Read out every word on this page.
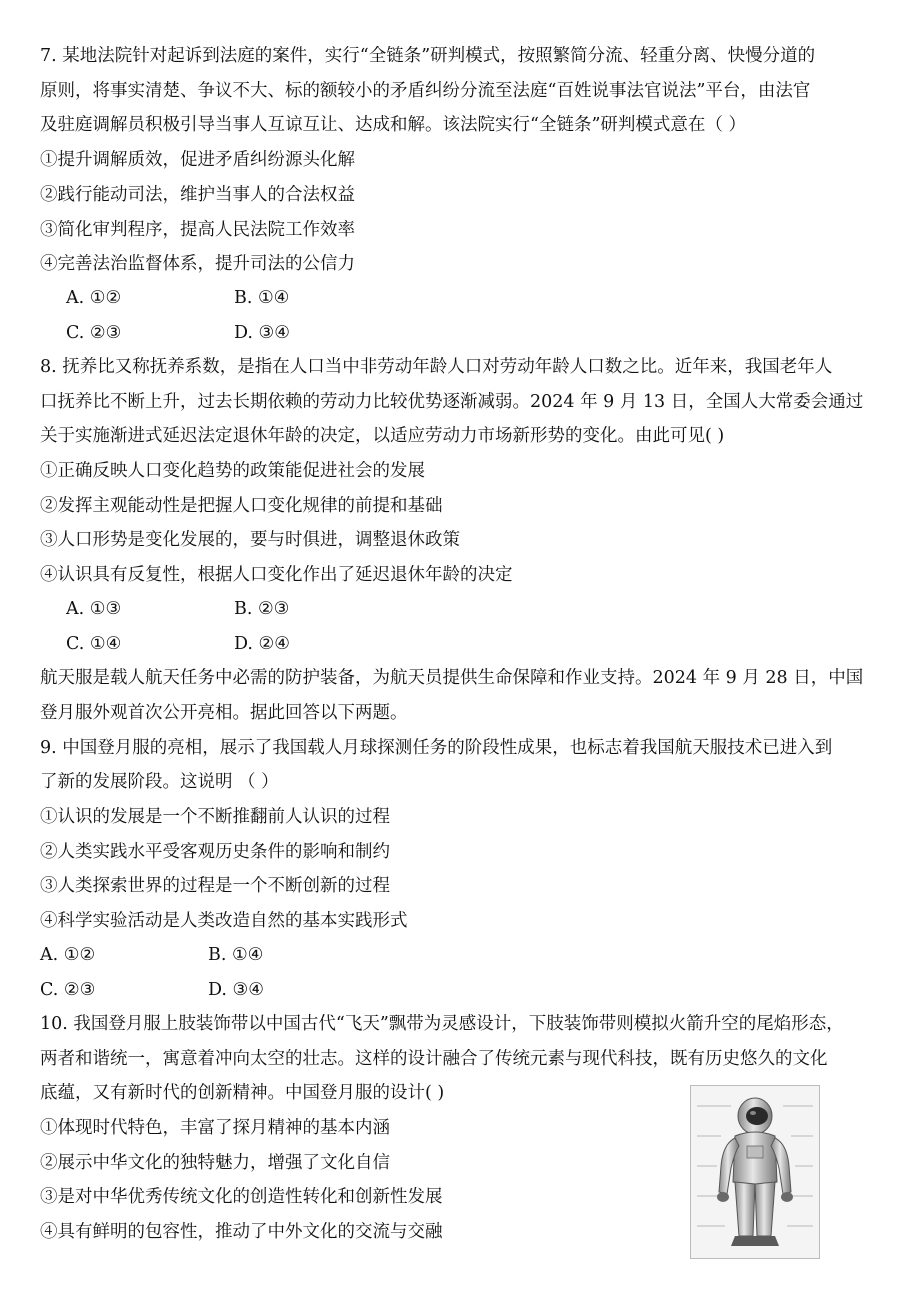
7. 某地法院针对起诉到法庭的案件，实行“全链条”研判模式，按照繁简分流、轻重分离、快慢分道的
原则，将事实清楚、争议不大、标的额较小的矛盾纠纷分流至法庭“百姓说事法官说法”平台，由法官
及驻庭调解员积极引导当事人互谅互让、达成和解。该法院实行“全链条”研判模式意在（ ）
①提升调解质效，促进矛盾纠纷源头化解
②践行能动司法，维护当事人的合法权益
③简化审判程序，提高人民法院工作效率
④完善法治监督体系，提升司法的公信力
A. ①②	B. ①④
C. ②③	D. ③④
8. 抚养比又称抚养系数，是指在人口当中非劳动年龄人口对劳动年龄人口数之比。近年来，我国老年人
口抚养比不断上升，过去长期依赖的劳动力比较优势逐渐减弱。2024 年 9 月 13 日，全国人大常委会通过
关于实施渐进式延迟法定退休年龄的决定，以适应劳动力市场新形势的变化。由此可见( )
①正确反映人口变化趋势的政策能促进社会的发展
②发挥主观能动性是把握人口变化规律的前提和基础
③人口形势是变化发展的，要与时俱进，调整退休政策
④认识具有反复性，根据人口变化作出了延迟退休年龄的决定
A. ①③	B. ②③
C. ①④	D. ②④
航天服是载人航天任务中必需的防护装备，为航天员提供生命保障和作业支持。2024 年 9 月 28 日，中国
登月服外观首次公开亮相。据此回答以下两题。
9. 中国登月服的亮相，展示了我国载人月球探测任务的阶段性成果，也标志着我国航天服技术已进入到
了新的发展阶段。这说明 （ ）
①认识的发展是一个不断推翻前人认识的过程
②人类实践水平受客观历史条件的影响和制约
③人类探索世界的过程是一个不断创新的过程
④科学实验活动是人类改造自然的基本实践形式
A. ①②	B. ①④
C. ②③	D. ③④
10. 我国登月服上肢装饰带以中国古代“飞天”飘带为灵感设计，下肢装饰带则模拟火箭升空的尾焰形态，
两者和谐统一，寓意着冲向太空的壮志。这样的设计融合了传统元素与现代科技，既有历史悠久的文化
底蕴，又有新时代的创新精神。中国登月服的设计( )
①体现时代特色，丰富了探月精神的基本内涵
②展示中华文化的独特魅力，增强了文化自信
③是对中华优秀传统文化的创造性转化和创新性发展
④具有鲜明的包容性，推动了中外文化的交流与交融
